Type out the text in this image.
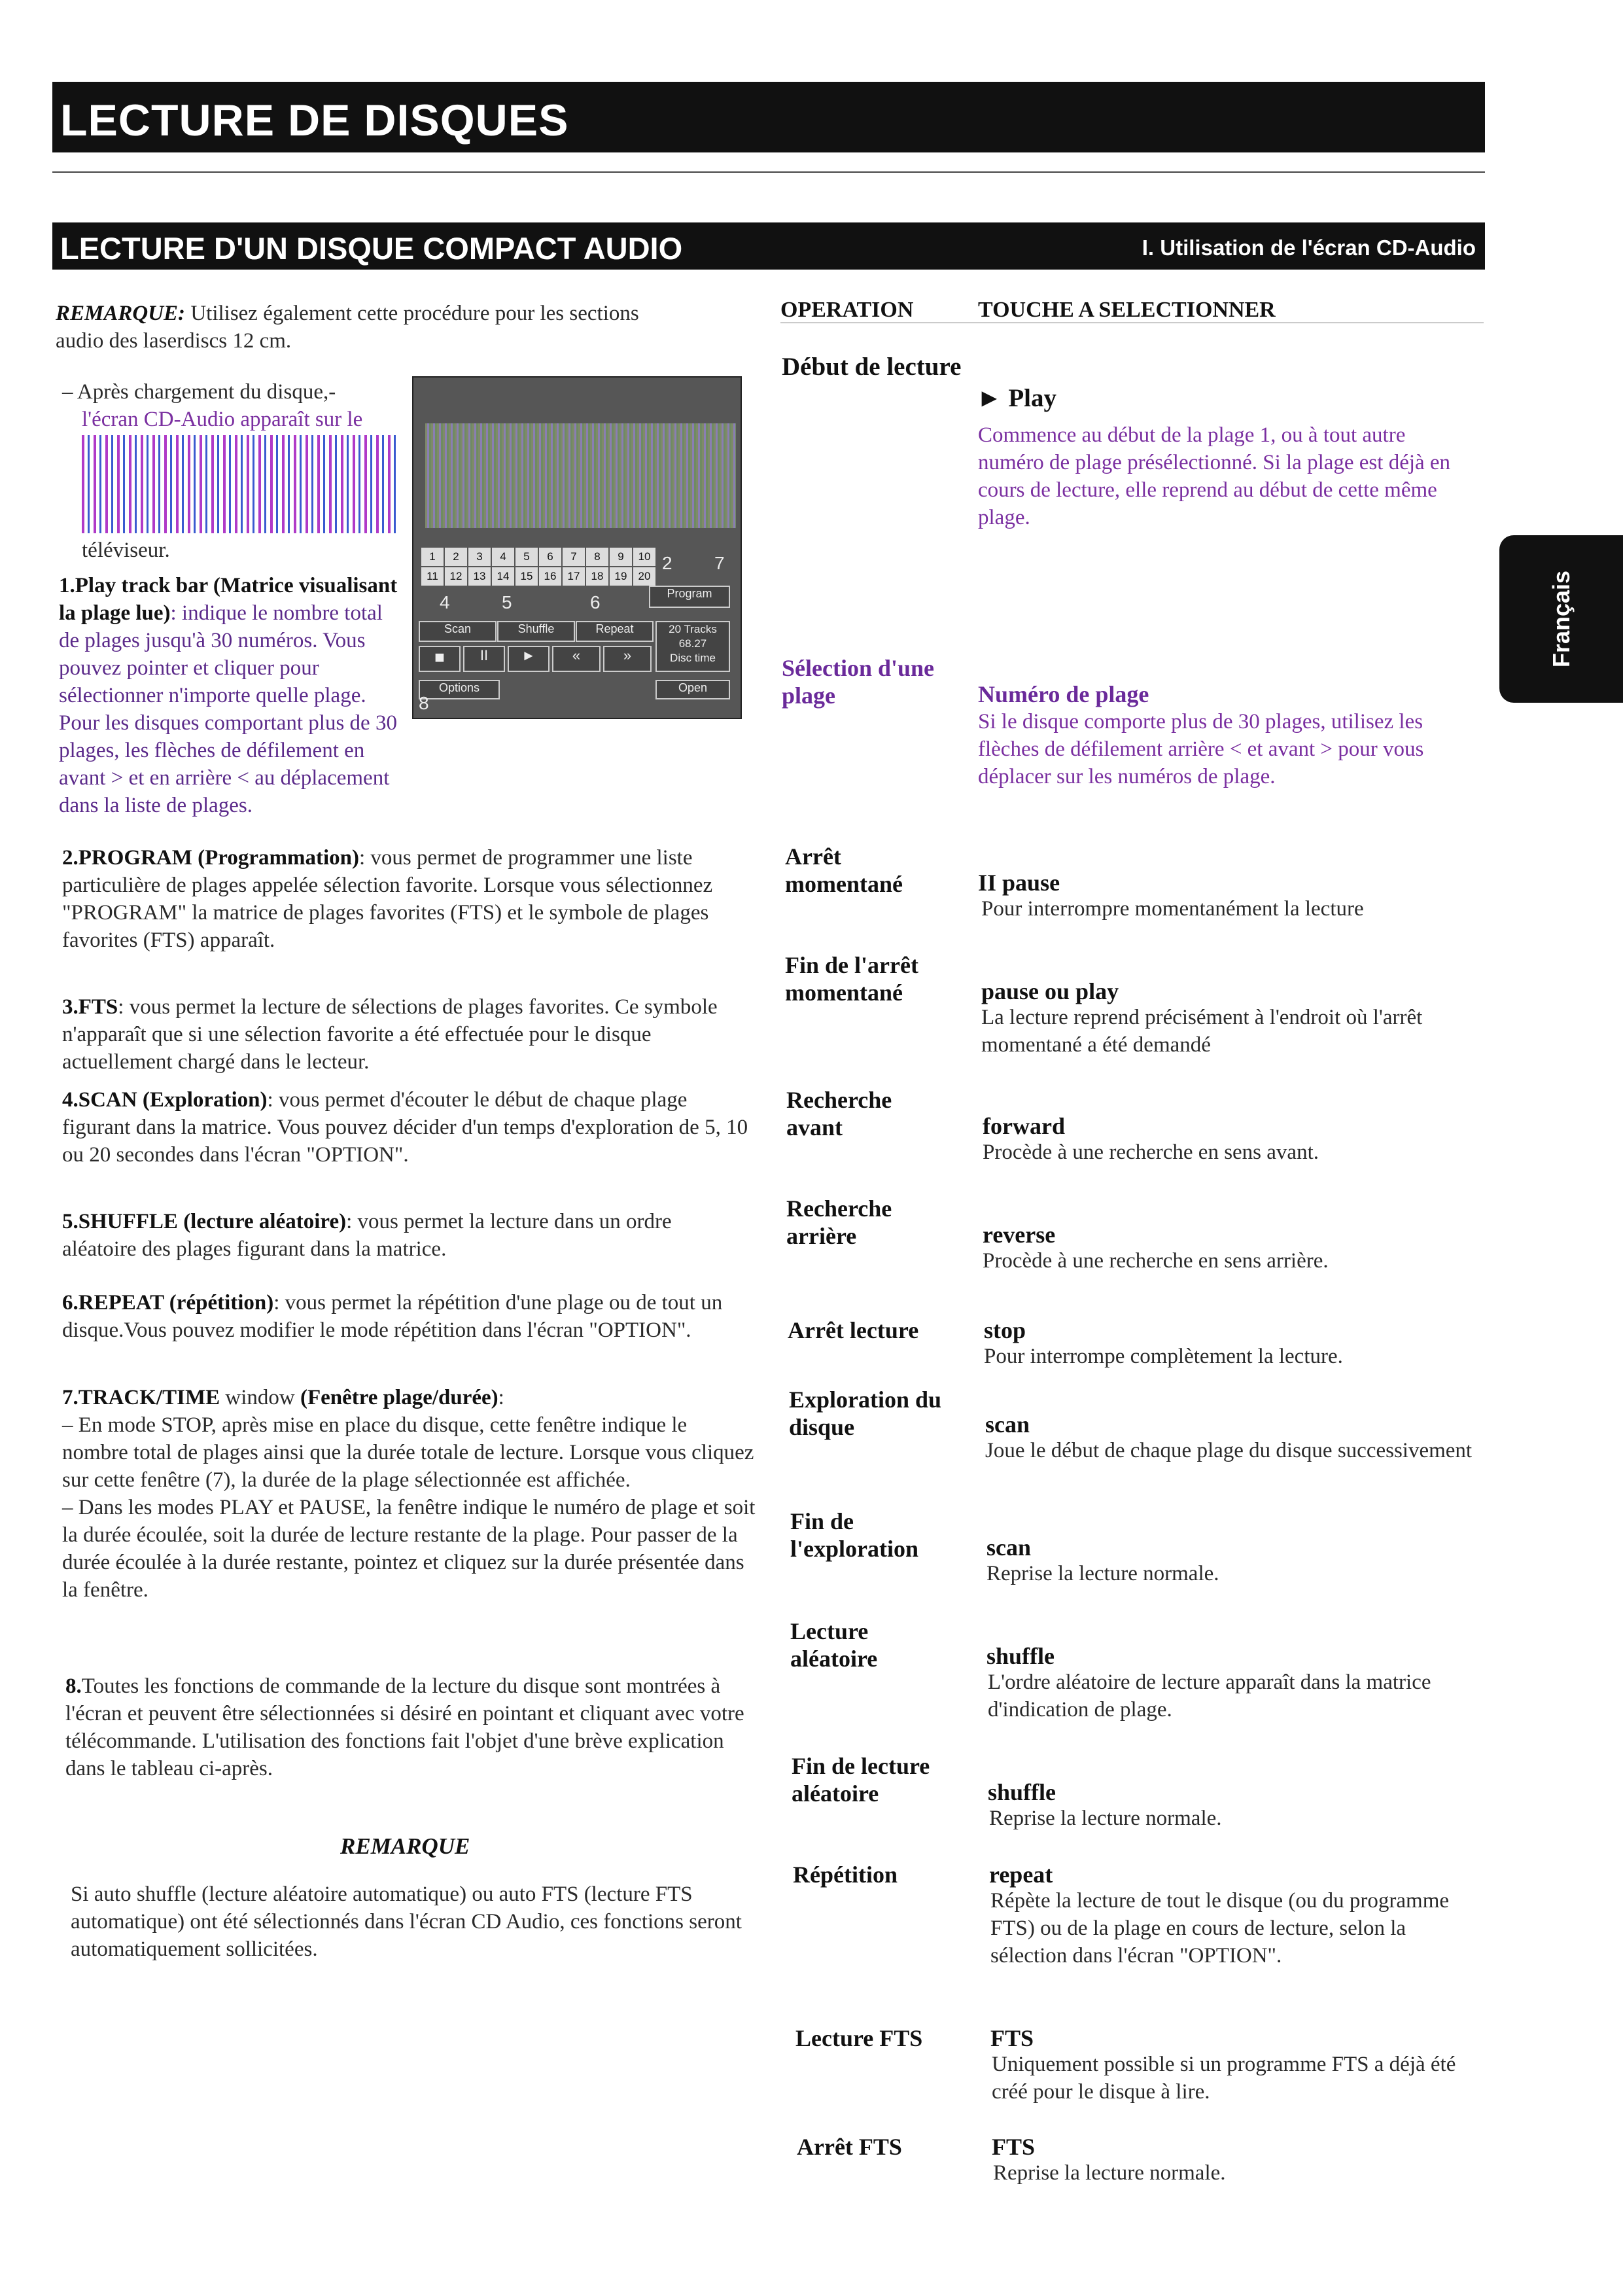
LECTURE DE DISQUES
LECTURE D'UN DISQUE COMPACT AUDIO	I. Utilisation de l'écran CD-Audio
Français
REMARQUE: Utilisez également cette procédure pour les sections audio des laserdiscs 12 cm.
– Après chargement du disque,-
l'écran CD-Audio apparaît sur le
téléviseur.	1	2	3	4	5	6	7	8	9	10
11	12	13	14	15	16	17	18	19	20
2 7
4	5	6	Program
Scan	Shuffle	Repeat	20 Tracks
68.27
Disc time
■	II	►	«	»
Options	Open
8
1.Play track bar (Matrice visualisant la plage lue): indique le nombre total de plages jusqu'à 30 numéros. Vous pouvez pointer et cliquer pour sélectionner n'importe quelle plage. Pour les disques comportant plus de 30 plages, les flèches de défilement en avant > et en arrière < au déplacement dans la liste de plages.
2.PROGRAM (Programmation): vous permet de programmer une liste particulière de plages appelée sélection favorite. Lorsque vous sélectionnez "PROGRAM" la matrice de plages favorites (FTS) et le symbole de plages favorites (FTS) apparaît.
3.FTS: vous permet la lecture de sélections de plages favorites. Ce symbole n'apparaît que si une sélection favorite a été effectuée pour le disque actuellement chargé dans le lecteur.
4.SCAN (Exploration): vous permet d'écouter le début de chaque plage figurant dans la matrice. Vous pouvez décider d'un temps d'exploration de 5, 10 ou 20 secondes dans l'écran "OPTION".
5.SHUFFLE (lecture aléatoire): vous permet la lecture dans un ordre aléatoire des plages figurant dans la matrice.
6.REPEAT (répétition): vous permet la répétition d'une plage ou de tout un disque.Vous pouvez modifier le mode répétition dans l'écran "OPTION".
7.TRACK/TIME window (Fenêtre plage/durée):
– En mode STOP, après mise en place du disque, cette fenêtre indique le nombre total de plages ainsi que la durée totale de lecture. Lorsque vous cliquez sur cette fenêtre (7), la durée de la plage sélectionnée est affichée.
– Dans les modes PLAY et PAUSE, la fenêtre indique le numéro de plage et soit la durée écoulée, soit la durée de lecture restante de la plage. Pour passer de la durée écoulée à la durée restante, pointez et cliquez sur la durée présentée dans la fenêtre.
8.Toutes les fonctions de commande de la lecture du disque sont montrées à l'écran et peuvent être sélectionnées si désiré en pointant et cliquant avec votre télécommande. L'utilisation des fonctions fait l'objet d'une brève explication dans le tableau ci-après.
REMARQUE
Si auto shuffle (lecture aléatoire automatique) ou auto FTS (lecture FTS automatique) ont été sélectionnés dans l'écran CD Audio, ces fonctions seront automatiquement sollicitées.
OPERATION	TOUCHE A SELECTIONNER
Début de lecture
► Play
Commence au début de la plage 1, ou à tout autre numéro de plage présélectionné. Si la plage est déjà en cours de lecture, elle reprend au début de cette même plage.
Sélection d'une plage	Numéro de plage
Si le disque comporte plus de 30 plages, utilisez les flèches de défilement arrière < et avant > pour vous déplacer sur les numéros de plage.
Arrêt momentané	II pause
Pour interrompre momentanément la lecture
Fin de l'arrêt momentané	pause ou play
La lecture reprend précisément à l'endroit où l'arrêt momentané a été demandé
Recherche avant	forward
Procède à une recherche en sens avant.
Recherche arrière	reverse
Procède à une recherche en sens arrière.
Arrêt lecture	stop
Pour interrompe complètement la lecture.
Exploration du disque	scan
Joue le début de chaque plage du disque successivement
Fin de l'exploration	scan
Reprise la lecture normale.
Lecture aléatoire	shuffle
L'ordre aléatoire de lecture apparaît dans la matrice d'indication de plage.
Fin de lecture aléatoire	shuffle
Reprise la lecture normale.
Répétition	repeat
Répète la lecture de tout le disque (ou du programme FTS) ou de la plage en cours de lecture, selon la sélection dans l'écran "OPTION".
Lecture FTS	FTS
Uniquement possible si un programme FTS a déjà été créé pour le disque à lire.
Arrêt FTS	FTS
Reprise la lecture normale.
